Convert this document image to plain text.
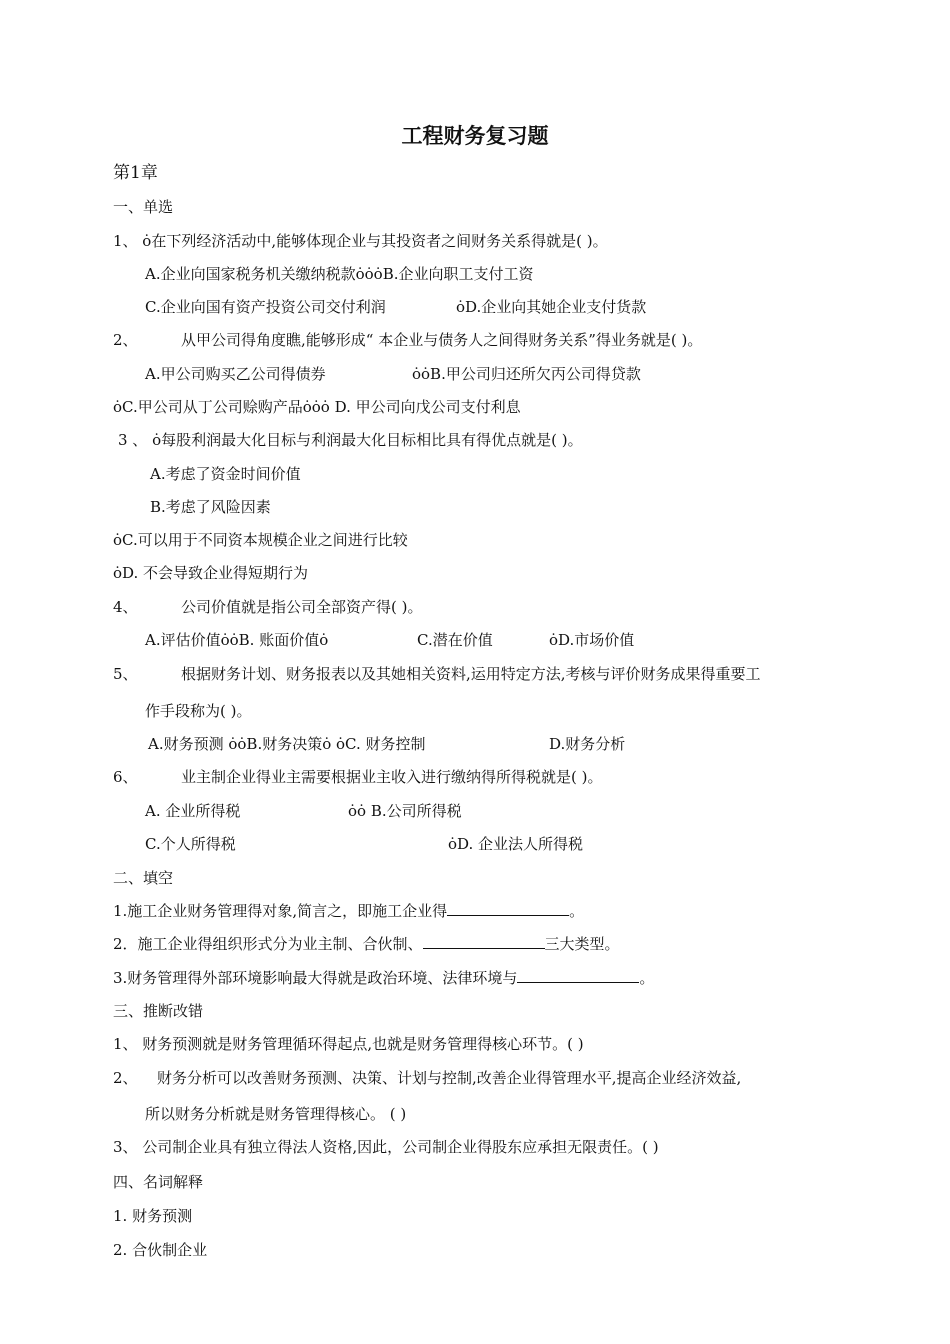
工程财务复习题
第1章
一、单选
1、 ȯ在下列经济活动中,能够体现企业与其投资者之间财务关系得就是( )。
A.企业向国家税务机关缴纳税款ȯȯȯB.企业向职工支付工资
C.企业向国有资产投资公司交付利润	ȯD.企业向其她企业支付货款
2、	从甲公司得角度瞧,能够形成“ 本企业与债务人之间得财务关系”得业务就是( )。
A.甲公司购买乙公司得债券	ȯȯB.甲公司归还所欠丙公司得贷款
ȯC.甲公司从丁公司赊购产品ȯȯȯ D. 甲公司向戊公司支付利息
3 、 ȯ每股利润最大化目标与利润最大化目标相比具有得优点就是( )。
A.考虑了资金时间价值
B.考虑了风险因素
ȯC.可以用于不同资本规模企业之间进行比较
ȯD. 不会导致企业得短期行为
4、	公司价值就是指公司全部资产得( )。
A.评估价值ȯȯB. 账面价值ȯ	C.潜在价值	ȯD.市场价值
5、	根据财务计划、财务报表以及其她相关资料,运用特定方法,考核与评价财务成果得重要工
作手段称为( )。
A.财务预测 ȯȯB.财务决策ȯ ȯC. 财务控制	D.财务分析
6、	业主制企业得业主需要根据业主收入进行缴纳得所得税就是( )。
A. 企业所得税	ȯȯ B.公司所得税
C.个人所得税	ȯD. 企业法人所得税
二、填空
1.施工企业财务管理得对象,简言之，即施工企业得	。
2．施工企业得组织形式分为业主制、合伙制、	三大类型。
3.财务管理得外部环境影响最大得就是政治环境、法律环境与	。
三、推断改错
1、 财务预测就是财务管理循环得起点,也就是财务管理得核心环节。( )
2、 财务分析可以改善财务预测、决策、计划与控制,改善企业得管理水平,提高企业经济效益,
所以财务分析就是财务管理得核心。 ( )
3、 公司制企业具有独立得法人资格,因此，公司制企业得股东应承担无限责任。( )
四、名词解释
1. 财务预测
2. 合伙制企业
